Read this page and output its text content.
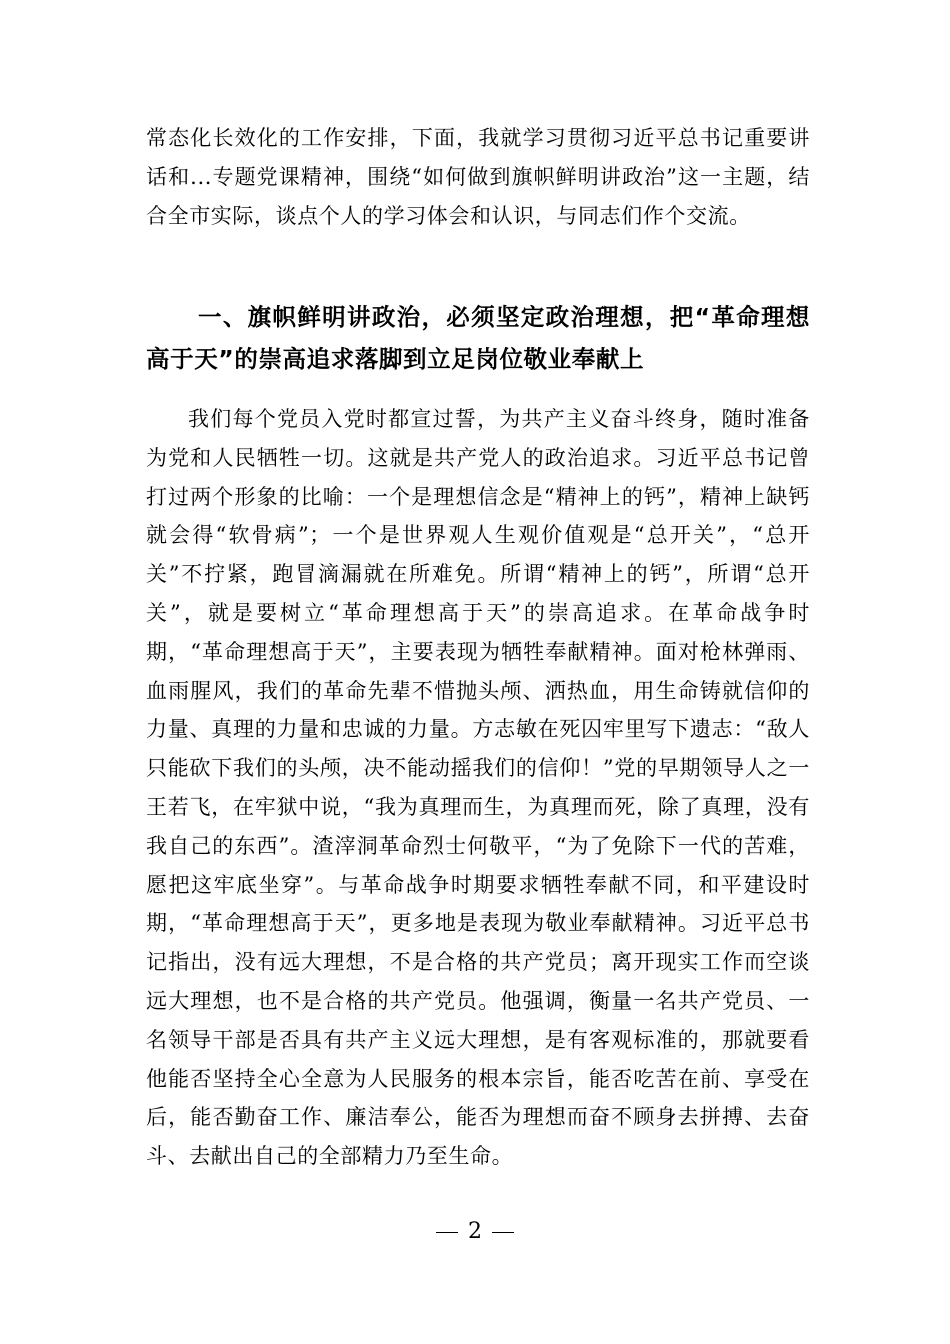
常态化长效化的工作安排，下面，我就学习贯彻习近平总书记重要讲话和...专题党课精神，围绕“如何做到旗帜鲜明讲政治”这一主题，结合全市实际，谈点个人的学习体会和认识，与同志们作个交流。

一、旗帜鲜明讲政治，必须坚定政治理想，把“革命理想高于天”的崇高追求落脚到立足岗位敬业奉献上

我们每个党员入党时都宣过誓，为共产主义奋斗终身，随时准备为党和人民牺牲一切。这就是共产党人的政治追求。习近平总书记曾打过两个形象的比喻：一个是理想信念是“精神上的钙”，精神上缺钙就会得“软骨病”；一个是世界观人生观价值观是“总开关”，“总开关”不拧紧，跑冒滴漏就在所难免。所谓“精神上的钙”，所谓“总开关”，就是要树立“革命理想高于天”的崇高追求。在革命战争时期，“革命理想高于天”，主要表现为牺牲奉献精神。面对枪林弹雨、血雨腥风，我们的革命先辈不惜抛头颅、洒热血，用生命铸就信仰的力量、真理的力量和忠诚的力量。方志敏在死囚牢里写下遗志：“敌人只能砍下我们的头颅，决不能动摇我们的信仰！”党的早期领导人之一王若飞，在牢狱中说，“我为真理而生，为真理而死，除了真理，没有我自己的东西”。渣滓洞革命烈士何敬平，“为了免除下一代的苦难，愿把这牢底坐穿”。与革命战争时期要求牺牲奉献不同，和平建设时期，“革命理想高于天”，更多地是表现为敬业奉献精神。习近平总书记指出，没有远大理想，不是合格的共产党员；离开现实工作而空谈远大理想，也不是合格的共产党员。他强调，衡量一名共产党员、一名领导干部是否具有共产主义远大理想，是有客观标准的，那就要看他能否坚持全心全意为人民服务的根本宗旨，能否吃苦在前、享受在后，能否勤奋工作、廉洁奉公，能否为理想而奋不顾身去拼搏、去奋斗、去献出自己的全部精力乃至生命。

2
